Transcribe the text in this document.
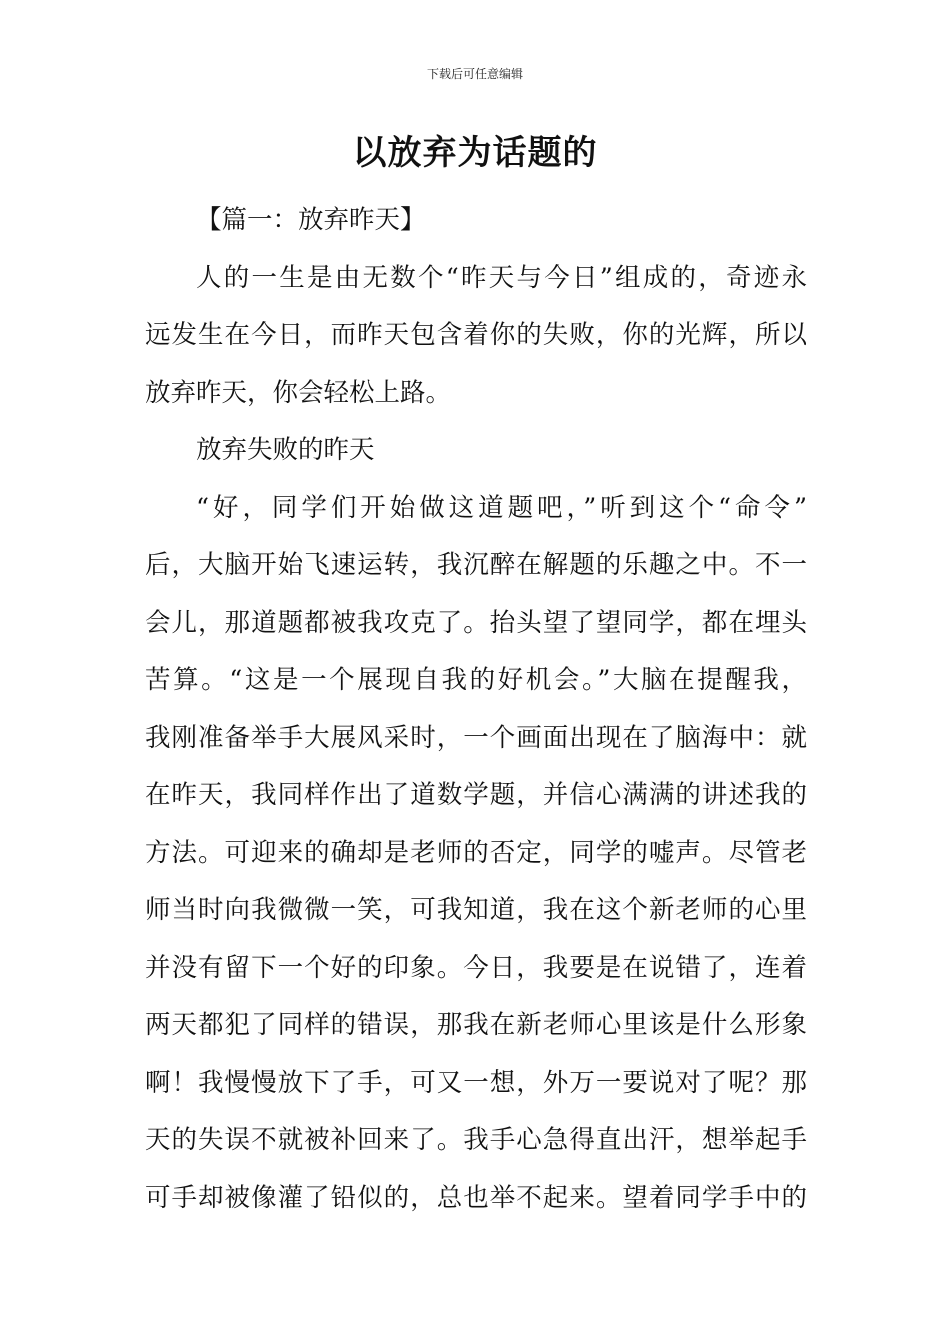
下载后可任意编辑
以放弃为话题的
【篇一：放弃昨天】
人的一生是由无数个“昨天与今日”组成的，奇迹永
远发生在今日，而昨天包含着你的失败，你的光辉，所以
放弃昨天，你会轻松上路。
放弃失败的昨天
“好，同学们开始做这道题吧，”听到这个“命令”
后，大脑开始飞速运转，我沉醉在解题的乐趣之中。不一
会儿，那道题都被我攻克了。抬头望了望同学，都在埋头
苦算。“这是一个展现自我的好机会。”大脑在提醒我，
我刚准备举手大展风采时，一个画面出现在了脑海中：就
在昨天，我同样作出了道数学题，并信心满满的讲述我的
方法。可迎来的确却是老师的否定，同学的嘘声。尽管老
师当时向我微微一笑，可我知道，我在这个新老师的心里
并没有留下一个好的印象。今日，我要是在说错了，连着
两天都犯了同样的错误，那我在新老师心里该是什么形象
啊！我慢慢放下了手，可又一想，外万一要说对了呢？那
天的失误不就被补回来了。我手心急得直出汗，想举起手
可手却被像灌了铅似的，总也举不起来。望着同学手中的
